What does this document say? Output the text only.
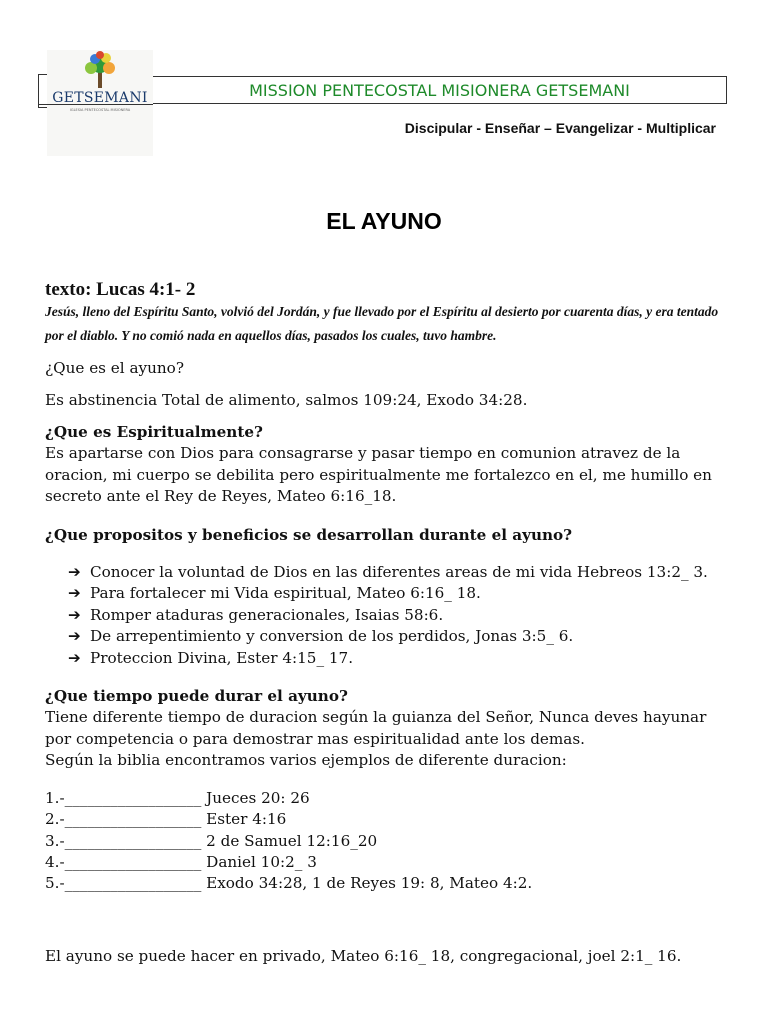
GETSEMANI
IGLESIA PENTECOSTAL MISIONERA
MISSION PENTECOSTAL MISIONERA GETSEMANI
Discipular - Enseñar – Evangelizar - Multiplicar
EL AYUNO
texto: Lucas 4:1- 2
Jesús, lleno del Espíritu Santo, volvió del Jordán, y fue llevado por el Espíritu al desierto por cuarenta días, y era tentado por el diablo. Y no comió nada en aquellos días, pasados los cuales, tuvo hambre.
¿Que es el ayuno?
Es abstinencia Total de alimento, salmos 109:24, Exodo 34:28.
¿Que es Espiritualmente?
Es apartarse con Dios para consagrarse y pasar tiempo en comunion atravez de la oracion, mi cuerpo se debilita pero espiritualmente me fortalezco en el, me humillo en secreto ante el Rey de Reyes, Mateo 6:16_18.
¿Que propositos y beneficios se desarrollan durante el ayuno?
➔ Conocer la voluntad de Dios en las diferentes areas de mi vida Hebreos 13:2_ 3.
➔ Para fortalecer mi Vida espiritual, Mateo 6:16_ 18.
➔ Romper ataduras generacionales, Isaias 58:6.
➔ De arrepentimiento y conversion de los perdidos, Jonas 3:5_ 6.
➔ Proteccion Divina, Ester 4:15_ 17.
¿Que tiempo puede durar el ayuno?
Tiene diferente tiempo de duracion según la guianza del Señor, Nunca deves hayunar por competencia o para demostrar mas espiritualidad ante los demas.
Según la biblia encontramos varios ejemplos de diferente duracion:
1.-__________________ Jueces 20: 26
2.-__________________ Ester 4:16
3.-__________________ 2 de Samuel 12:16_20
4.-__________________ Daniel 10:2_ 3
5.-__________________ Exodo 34:28, 1 de Reyes 19: 8, Mateo 4:2.
El ayuno se puede hacer en privado, Mateo 6:16_ 18, congregacional, joel 2:1_ 16.
